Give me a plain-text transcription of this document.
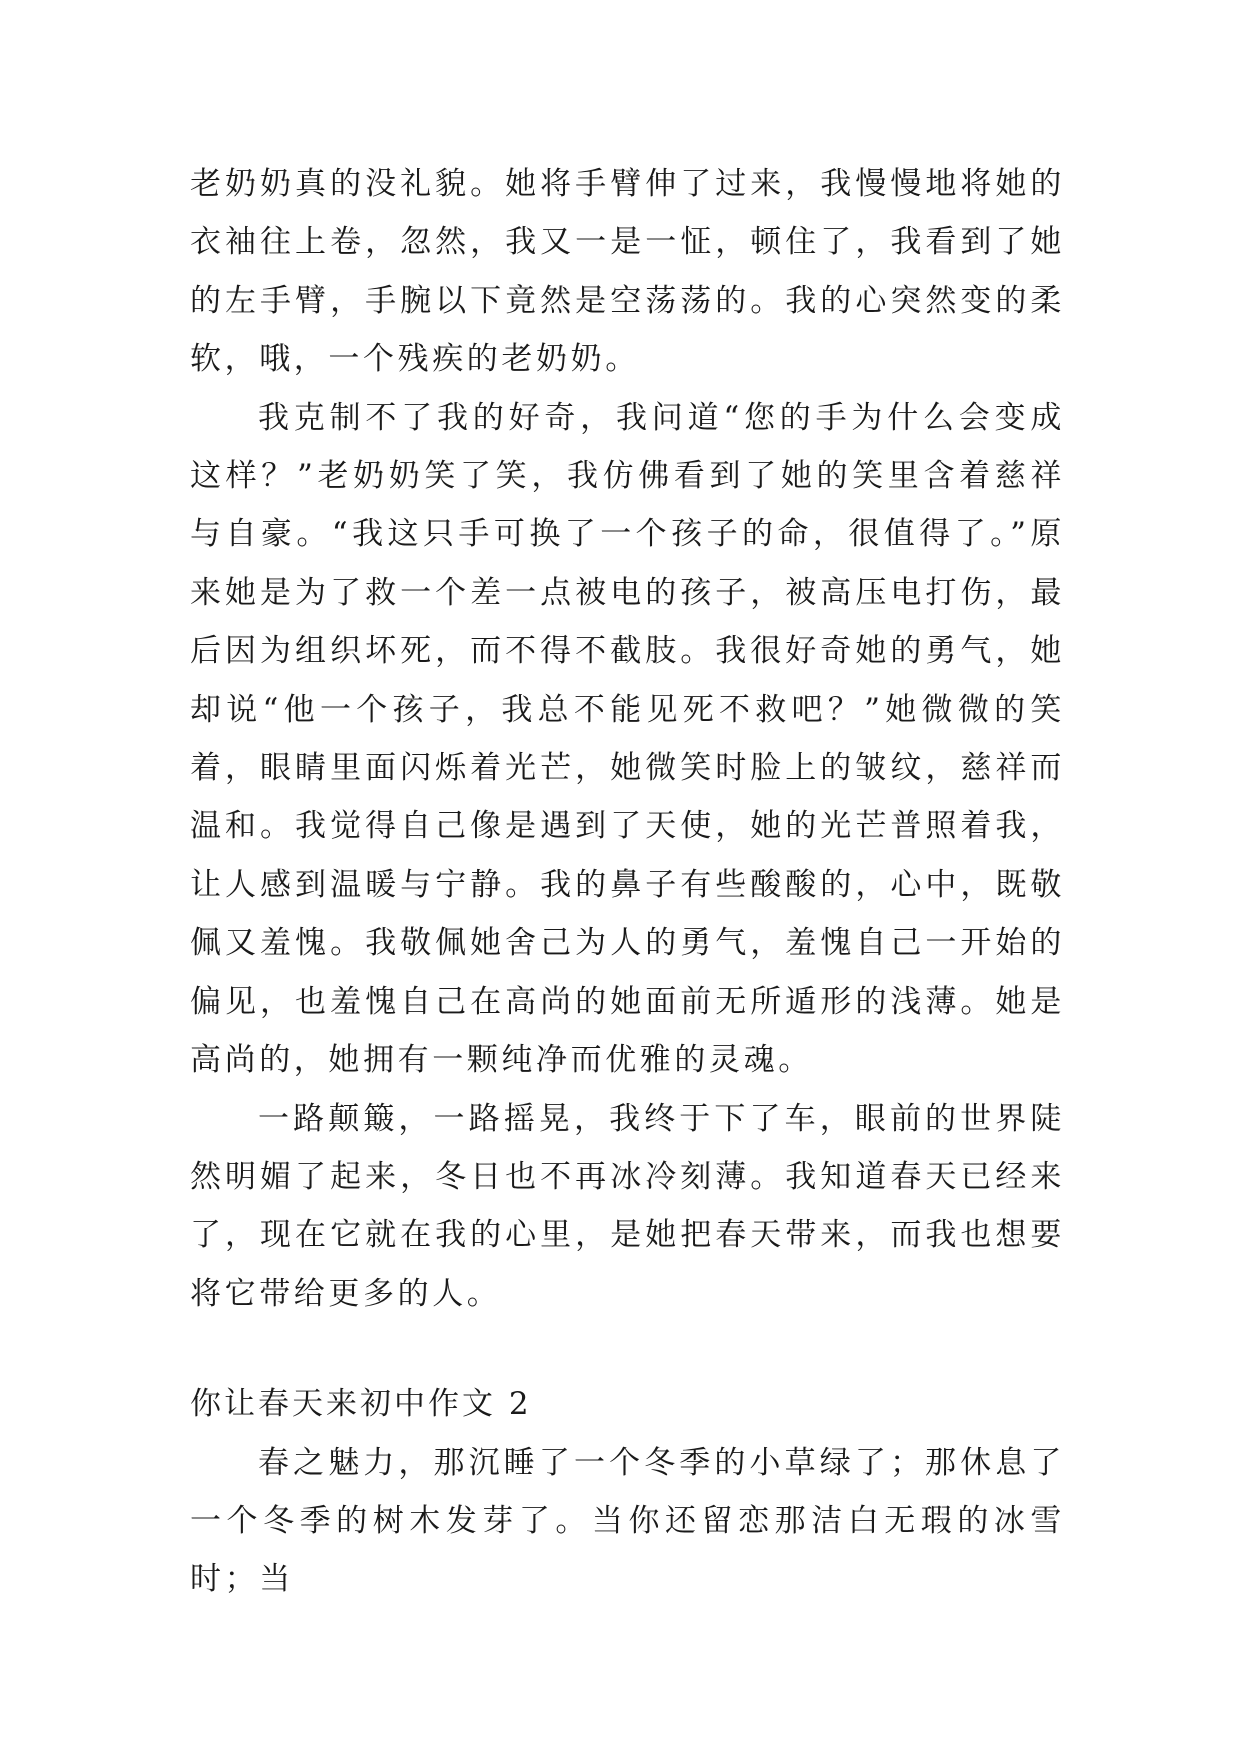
老奶奶真的没礼貌。她将手臂伸了过来，我慢慢地将她的衣袖往上卷，忽然，我又一是一怔，顿住了，我看到了她的左手臂，手腕以下竟然是空荡荡的。我的心突然变的柔软，哦，一个残疾的老奶奶。

我克制不了我的好奇，我问道“您的手为什么会变成这样？”老奶奶笑了笑，我仿佛看到了她的笑里含着慈祥与自豪。“我这只手可换了一个孩子的命，很值得了。”原来她是为了救一个差一点被电的孩子，被高压电打伤，最后因为组织坏死，而不得不截肢。我很好奇她的勇气，她却说“他一个孩子，我总不能见死不救吧？”她微微的笑着，眼睛里面闪烁着光芒，她微笑时脸上的皱纹，慈祥而温和。我觉得自己像是遇到了天使，她的光芒普照着我，让人感到温暖与宁静。我的鼻子有些酸酸的，心中，既敬佩又羞愧。我敬佩她舍己为人的勇气，羞愧自己一开始的偏见，也羞愧自己在高尚的她面前无所遁形的浅薄。她是高尚的，她拥有一颗纯净而优雅的灵魂。

一路颠簸，一路摇晃，我终于下了车，眼前的世界陡然明媚了起来，冬日也不再冰冷刻薄。我知道春天已经来了，现在它就在我的心里，是她把春天带来，而我也想要将它带给更多的人。

你让春天来初中作文 2

春之魅力，那沉睡了一个冬季的小草绿了；那休息了一个冬季的树木发芽了。当你还留恋那洁白无瑕的冰雪时；当
